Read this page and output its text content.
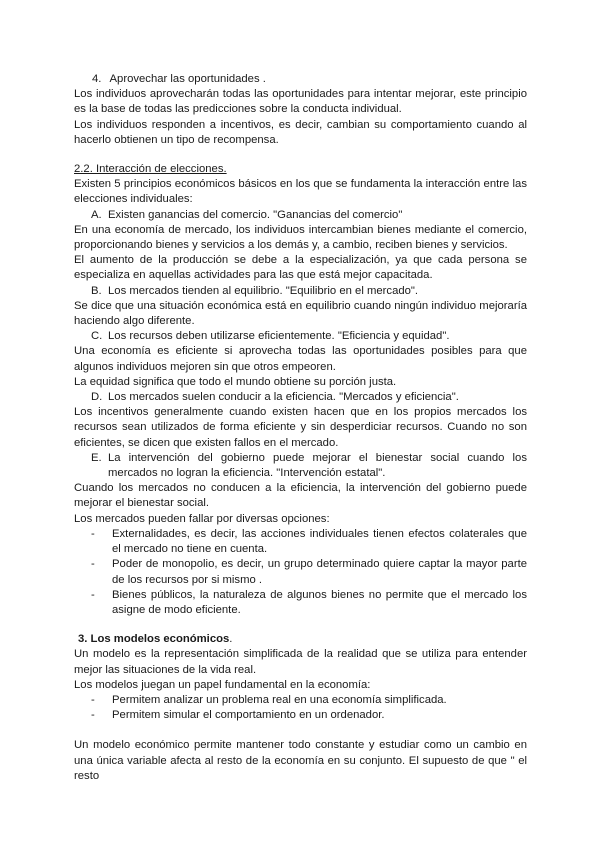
4. Aprovechar las oportunidades .

Los individuos aprovecharán todas las oportunidades para intentar mejorar, este principio es la base de todas las predicciones sobre la conducta individual.

Los individuos responden a incentivos, es decir, cambian su comportamiento cuando al hacerlo obtienen un tipo de recompensa.

2.2. Interacción de elecciones.

Existen 5 principios económicos básicos en los que se fundamenta la interacción entre las elecciones individuales:

A. Existen ganancias del comercio. "Ganancias del comercio"

En una economía de mercado, los individuos intercambian bienes mediante el comercio, proporcionando bienes y servicios a los demás y, a cambio, reciben bienes y servicios.

El aumento de la producción se debe a la especialización, ya que cada persona se especializa en aquellas actividades para las que está mejor capacitada.

B. Los mercados tienden al equilibrio. "Equilibrio en el mercado".

Se dice que una situación económica está en equilibrio cuando ningún individuo mejoraría haciendo algo diferente.

C. Los recursos deben utilizarse eficientemente. "Eficiencia y equidad".

Una economía es eficiente si aprovecha todas las oportunidades posibles para que algunos individuos mejoren sin que otros empeoren.

La equidad significa que todo el mundo obtiene su porción justa.

D. Los mercados suelen conducir a la eficiencia. "Mercados y eficiencia".

Los incentivos generalmente cuando existen hacen que en los propios mercados los recursos sean utilizados de forma eficiente y sin desperdiciar recursos. Cuando no son eficientes, se dicen que existen fallos en el mercado.

E. La intervención del gobierno puede mejorar el bienestar social cuando los mercados no logran la eficiencia. "Intervención estatal".

Cuando los mercados no conducen a la eficiencia, la intervención del gobierno puede mejorar el bienestar social.

Los mercados pueden fallar por diversas opciones:

-	Externalidades, es decir, las acciones individuales tienen efectos colaterales que el mercado no tiene en cuenta.
-	Poder de monopolio, es decir, un grupo determinado quiere captar la mayor parte de los recursos por si mismo .
-	Bienes públicos, la naturaleza de algunos bienes no permite que el mercado los asigne de modo eficiente.

3. Los modelos económicos.

Un modelo es la representación simplificada de la realidad que se utiliza para entender mejor las situaciones de la vida real.

Los modelos juegan un papel fundamental en la economía:

-	Permitem analizar un problema real en una economía simplificada.
-	Permitem simular el comportamiento en un ordenador.

Un modelo económico permite mantener todo constante y estudiar como un cambio en una única variable afecta al resto de la economía en su conjunto. El supuesto de que " el resto
